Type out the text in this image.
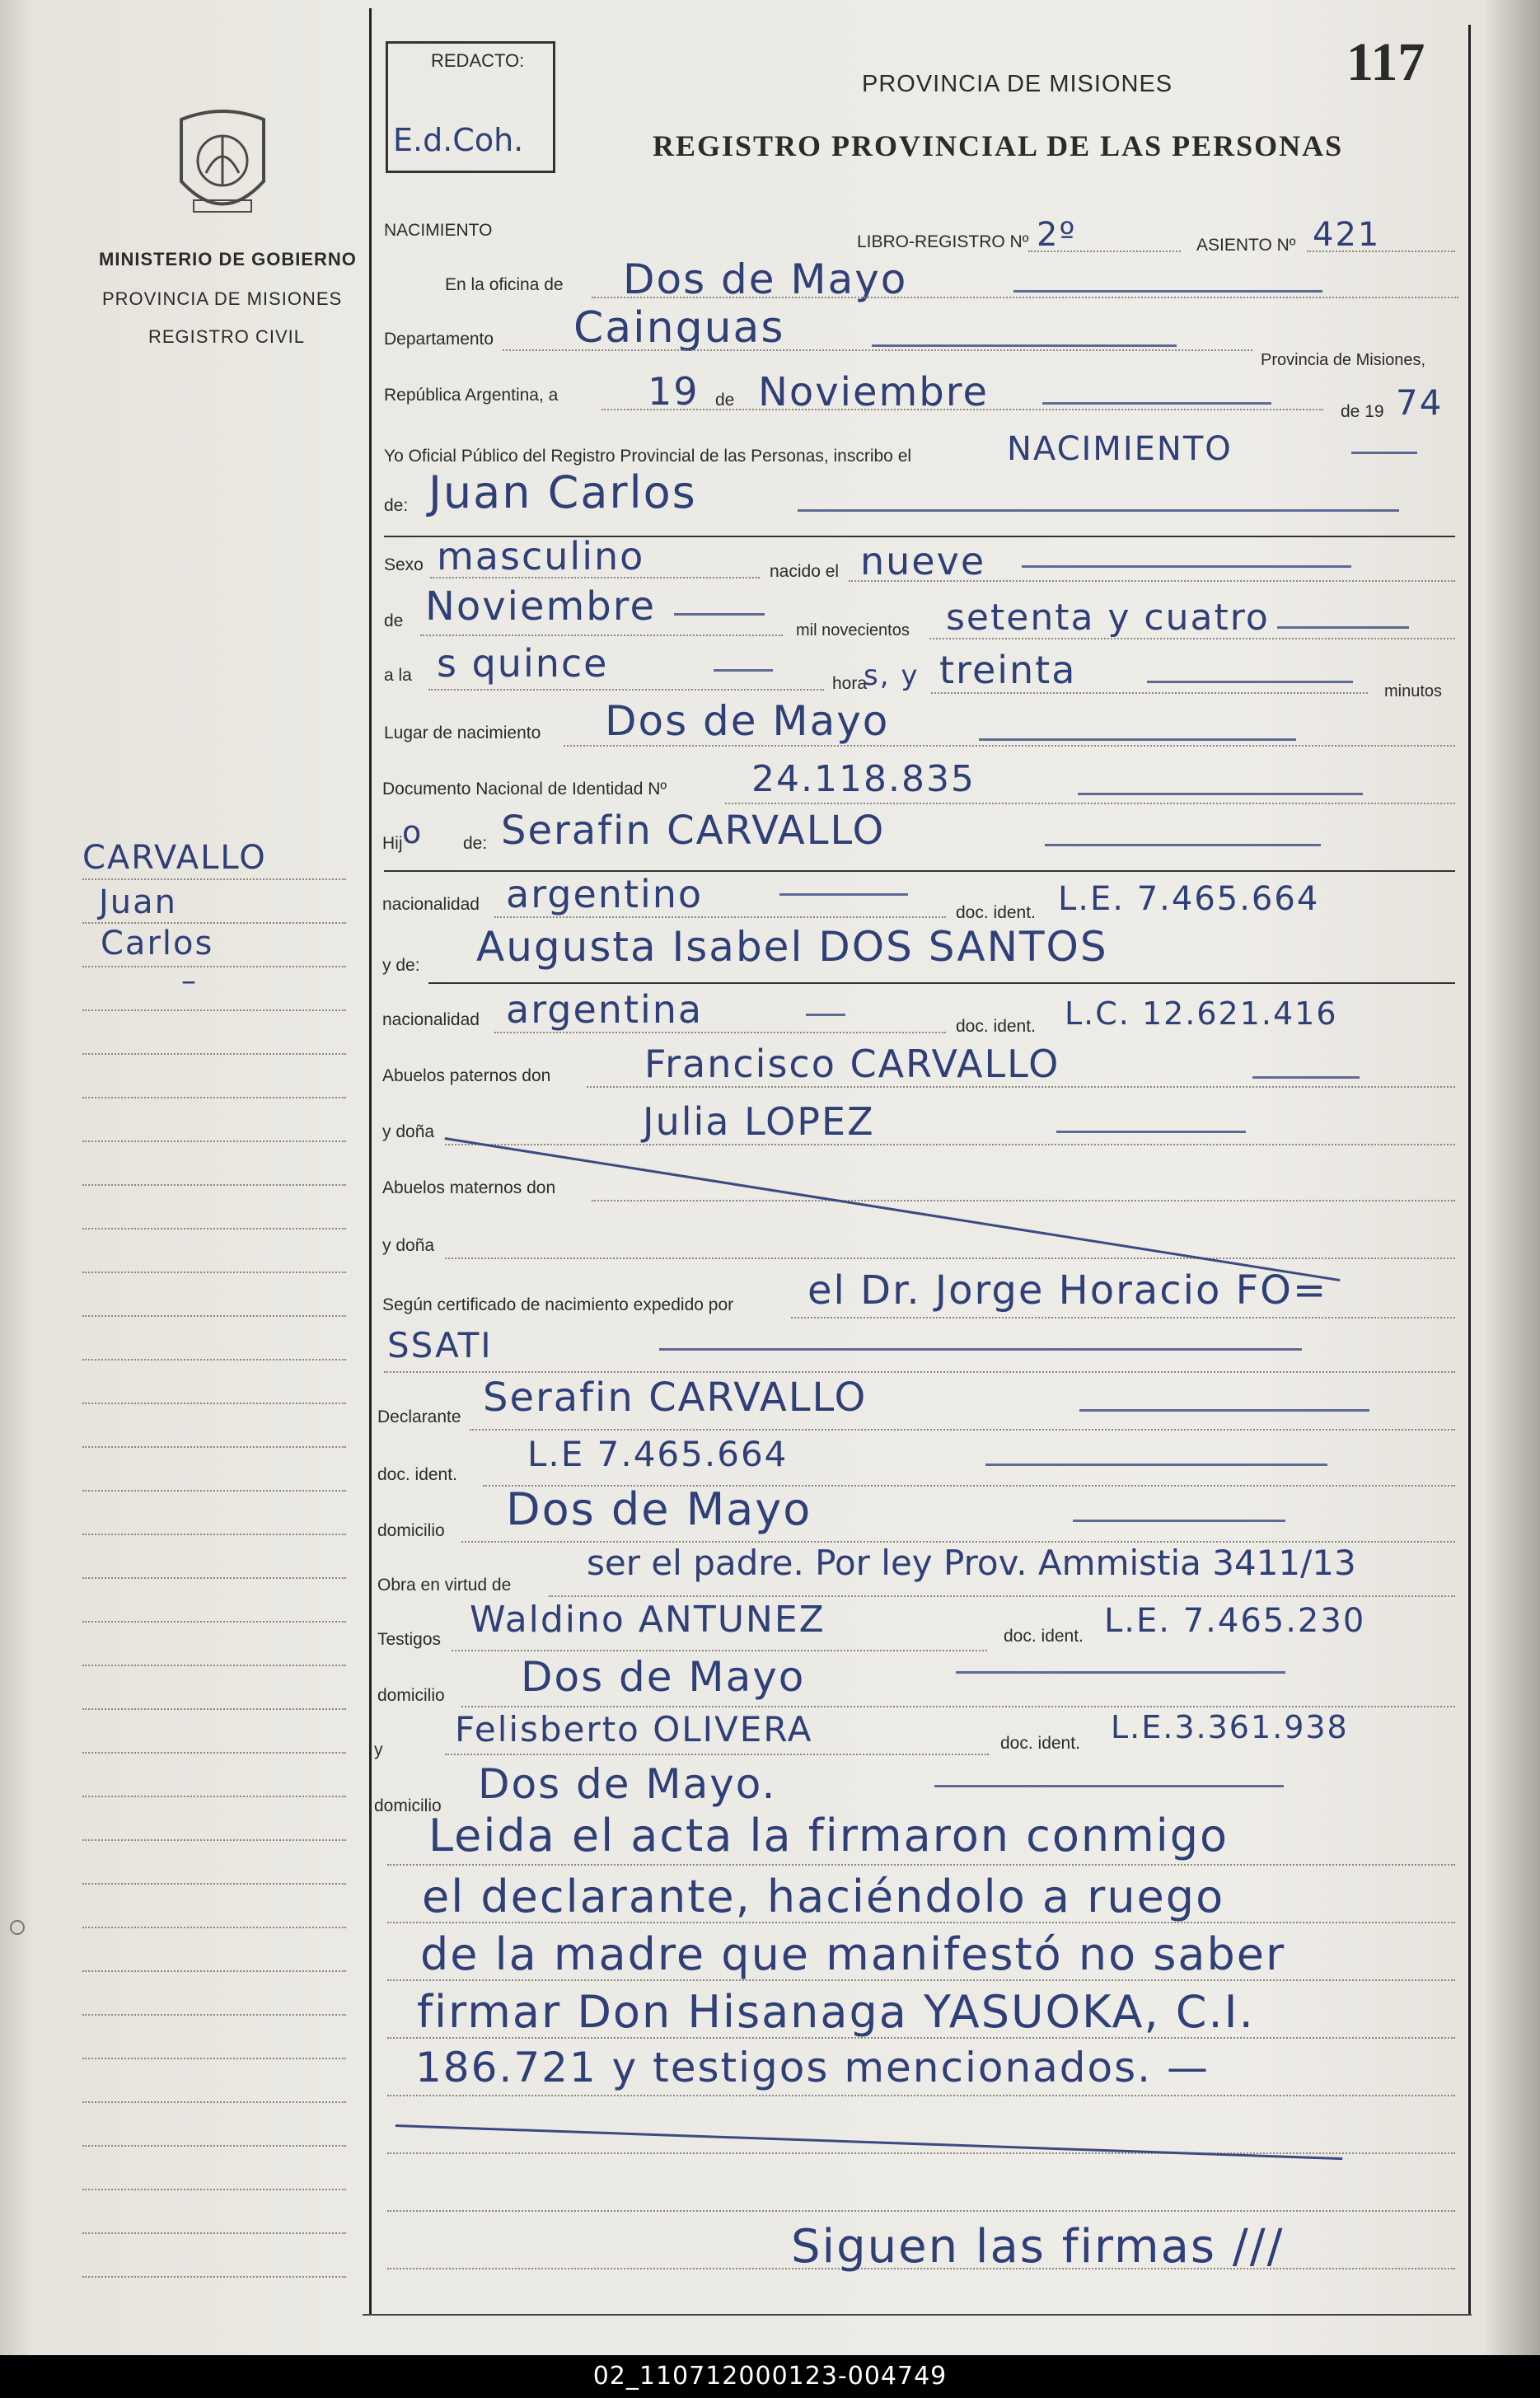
MINISTERIO DE GOBIERNO
PROVINCIA DE MISIONES
REGISTRO CIVIL
CARVALLO
Juan
Carlos
–
REDACTO:
E.d.Coh.
PROVINCIA DE MISIONES
REGISTRO PROVINCIAL DE LAS PERSONAS
117
NACIMIENTO
LIBRO-REGISTRO Nº 2º	ASIENTO Nº 421
En la oficina de Dos de Mayo
Departamento Cainguas
Provincia de Misiones,
República Argentina, a 19 de Noviembre	de 19 74
Yo Oficial Público del Registro Provincial de las Personas, inscribo el	NACIMIENTO
de: Juan Carlos
Sexo masculino	nacido el nueve
de Noviembre
mil novecientos setenta y cuatro
a la s quince	hora
s, y treinta	minutos
Lugar de nacimiento Dos de Mayo
Documento Nacional de Identidad Nº 24.118.835
Hij o de: Serafin CARVALLO
nacionalidad argentino	doc. ident. L.E. 7.465.664
y de: Augusta Isabel DOS SANTOS
nacionalidad argentina	doc. ident. L.C. 12.621.416
Abuelos paternos don Francisco CARVALLO
y doña	Julia LOPEZ
Abuelos maternos don
y doña
Según certificado de nacimiento expedido por el Dr. Jorge Horacio FO=
SSATI
Declarante Serafin CARVALLO
doc. ident.
L.E 7.465.664
domicilio Dos de Mayo
Obra en virtud de
ser el padre. Por ley Prov. Ammistia 3411/13
Testigos Waldino ANTUNEZ	doc. ident. L.E. 7.465.230
domicilio Dos de Mayo
y
Felisberto OLIVERA	doc. ident. L.E.3.361.938
domicilio Dos de Mayo.
Leida el acta la firmaron conmigo
el declarante, haciéndolo a ruego
de la madre que manifestó no saber
firmar Don Hisanaga YASUOKA, C.I.
186.721 y testigos mencionados. —
Siguen las firmas ///
02_110712000123-004749
